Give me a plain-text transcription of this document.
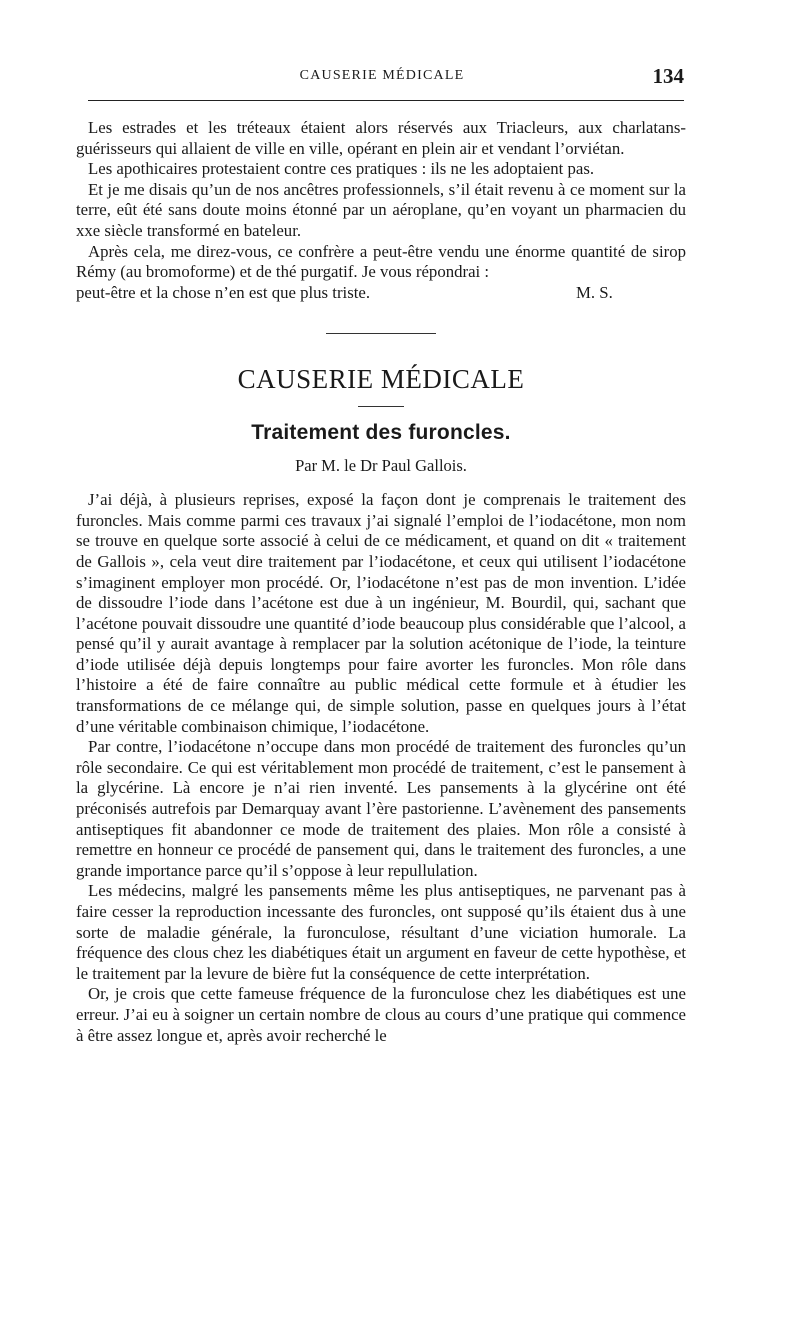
CAUSERIE MÉDICALE	134

Les estrades et les tréteaux étaient alors réservés aux Triacleurs, aux charlatans-guérisseurs qui allaient de ville en ville, opérant en plein air et vendant l’orviétan.

Les apothicaires protestaient contre ces pratiques : ils ne les adoptaient pas.

Et je me disais qu’un de nos ancêtres professionnels, s’il était revenu à ce moment sur la terre, eût été sans doute moins étonné par un aéroplane, qu’en voyant un pharmacien du xxe siècle transformé en bateleur.

Après cela, me direz-vous, ce confrère a peut-être vendu une énorme quantité de sirop Rémy (au bromoforme) et de thé purgatif. Je vous répondrai :

peut-être et la chose n’en est que plus triste.	M. S.
CAUSERIE MÉDICALE
Traitement des furoncles.
Par M. le Dr Paul Gallois.

J’ai déjà, à plusieurs reprises, exposé la façon dont je comprenais le traitement des furoncles. Mais comme parmi ces travaux j’ai signalé l’emploi de l’iodacétone, mon nom se trouve en quelque sorte associé à celui de ce médicament, et quand on dit « traitement de Gallois », cela veut dire traitement par l’iodacétone, et ceux qui utilisent l’iodacétone s’imaginent employer mon procédé. Or, l’iodacétone n’est pas de mon invention. L’idée de dissoudre l’iode dans l’acétone est due à un ingénieur, M. Bourdil, qui, sachant que l’acétone pouvait dissoudre une quantité d’iode beaucoup plus considérable que l’alcool, a pensé qu’il y aurait avantage à remplacer par la solution acétonique de l’iode, la teinture d’iode utilisée déjà depuis longtemps pour faire avorter les furoncles. Mon rôle dans l’histoire a été de faire connaître au public médical cette formule et à étudier les transformations de ce mélange qui, de simple solution, passe en quelques jours à l’état d’une véritable combinaison chimique, l’iodacétone.

Par contre, l’iodacétone n’occupe dans mon procédé de traitement des furoncles qu’un rôle secondaire. Ce qui est véritablement mon procédé de traitement, c’est le pansement à la glycérine. Là encore je n’ai rien inventé. Les pansements à la glycérine ont été préconisés autrefois par Demarquay avant l’ère pastorienne. L’avènement des pansements antiseptiques fit abandonner ce mode de traitement des plaies. Mon rôle a consisté à remettre en honneur ce procédé de pansement qui, dans le traitement des furoncles, a une grande importance parce qu’il s’oppose à leur repullulation.

Les médecins, malgré les pansements même les plus antiseptiques, ne parvenant pas à faire cesser la reproduction incessante des furoncles, ont supposé qu’ils étaient dus à une sorte de maladie générale, la furonculose, résultant d’une viciation humorale. La fréquence des clous chez les diabétiques était un argument en faveur de cette hypothèse, et le traitement par la levure de bière fut la conséquence de cette interprétation.

Or, je crois que cette fameuse fréquence de la furonculose chez les diabétiques est une erreur. J’ai eu à soigner un certain nombre de clous au cours d’une pratique qui commence à être assez longue et, après avoir recherché le
